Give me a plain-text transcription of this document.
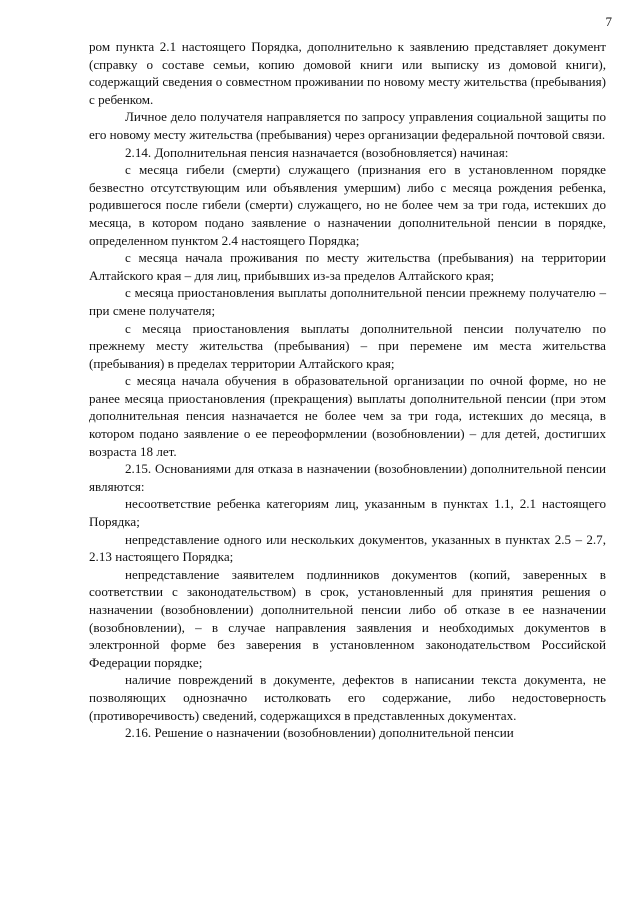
7

ром пункта 2.1 настоящего Порядка, дополнительно к заявлению представляет документ (справку о составе семьи, копию домовой книги или выписку из домовой книги), содержащий сведения о совместном проживании по новому месту жительства (пребывания) с ребенком.

Личное дело получателя направляется по запросу управления социальной защиты по его новому месту жительства (пребывания) через организации федеральной почтовой связи.

2.14. Дополнительная пенсия назначается (возобновляется) начиная:

с месяца гибели (смерти) служащего (признания его в установленном порядке безвестно отсутствующим или объявления умершим) либо с месяца рождения ребенка, родившегося после гибели (смерти) служащего, но не более чем за три года, истекших до месяца, в котором подано заявление о назначении дополнительной пенсии в порядке, определенном пунктом 2.4 настоящего Порядка;

с месяца начала проживания по месту жительства (пребывания) на территории Алтайского края – для лиц, прибывших из-за пределов Алтайского края;

с месяца приостановления выплаты дополнительной пенсии прежнему получателю – при смене получателя;

с месяца приостановления выплаты дополнительной пенсии получателю по прежнему месту жительства (пребывания) – при перемене им места жительства (пребывания) в пределах территории Алтайского края;

с месяца начала обучения в образовательной организации по очной форме, но не ранее месяца приостановления (прекращения) выплаты дополнительной пенсии (при этом дополнительная пенсия назначается не более чем за три года, истекших до месяца, в котором подано заявление о ее переоформлении (возобновлении) – для детей, достигших возраста 18 лет.

2.15. Основаниями для отказа в назначении (возобновлении) дополнительной пенсии являются:

несоответствие ребенка категориям лиц, указанным в пунктах 1.1, 2.1 настоящего Порядка;

непредставление одного или нескольких документов, указанных в пунктах 2.5 – 2.7, 2.13 настоящего Порядка;

непредставление заявителем подлинников документов (копий, заверенных в соответствии с законодательством) в срок, установленный для принятия решения о назначении (возобновлении) дополнительной пенсии либо об отказе в ее назначении (возобновлении), – в случае направления заявления и необходимых документов в электронной форме без заверения в установленном законодательством Российской Федерации порядке;

наличие повреждений в документе, дефектов в написании текста документа, не позволяющих однозначно истолковать его содержание, либо недостоверность (противоречивость) сведений, содержащихся в представленных документах.

2.16. Решение о назначении (возобновлении) дополнительной пенсии
